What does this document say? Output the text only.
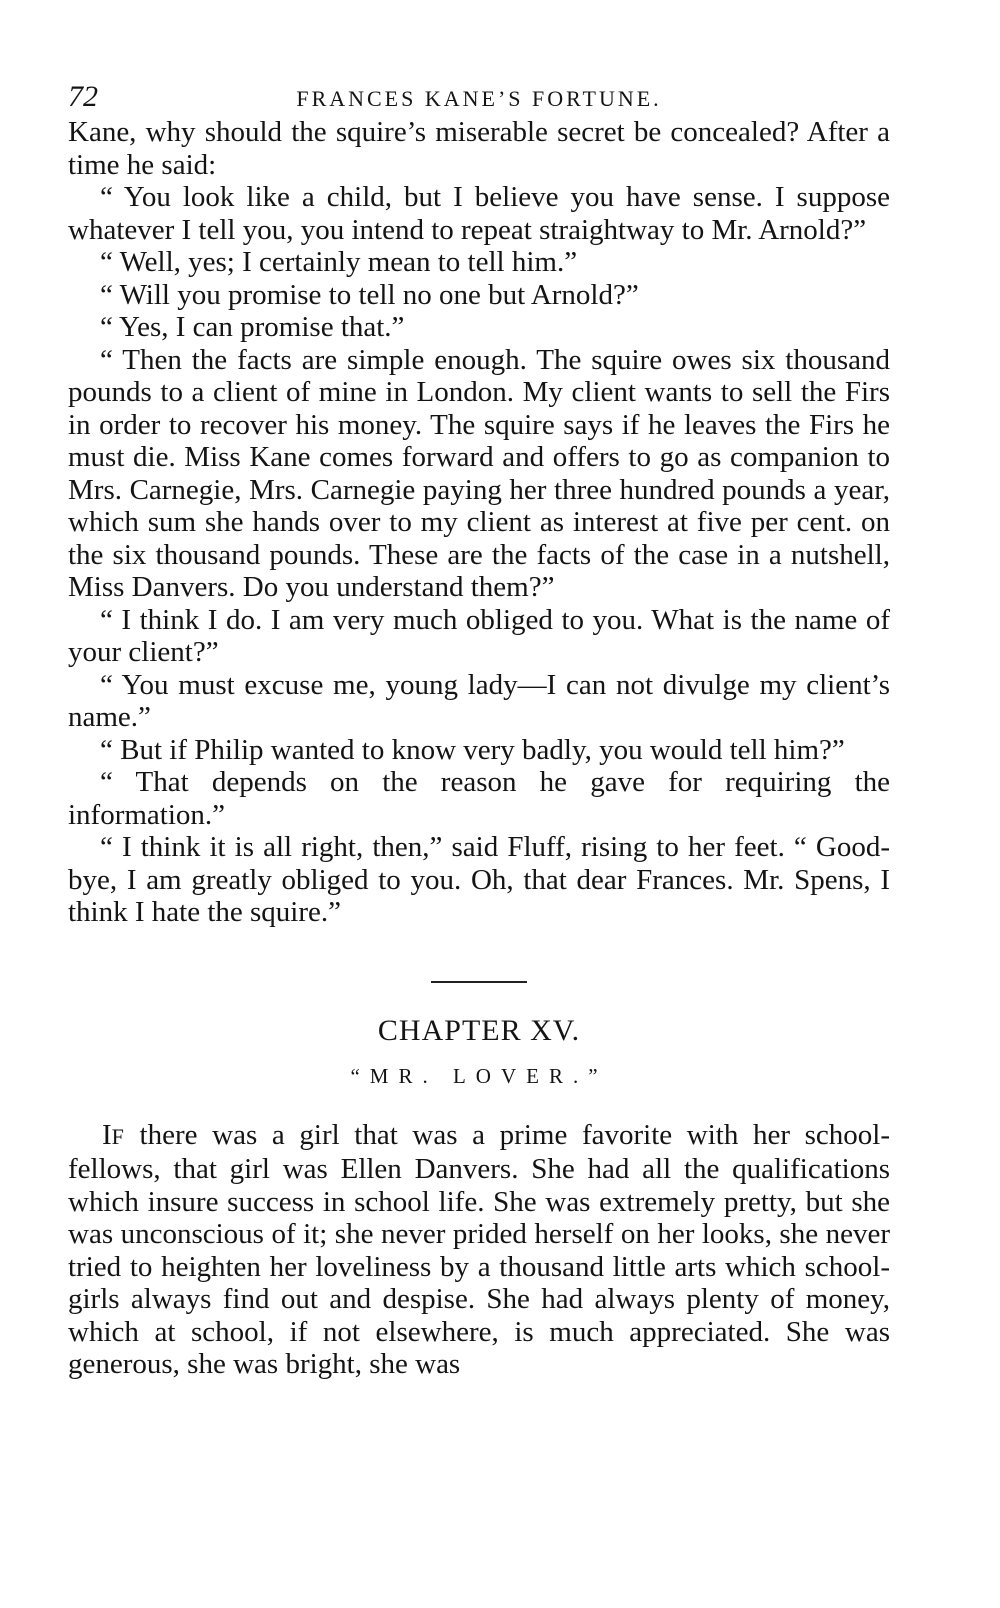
72	FRANCES KANE’S FORTUNE.

Kane, why should the squire’s miserable secret be concealed? After a time he said:

“ You look like a child, but I believe you have sense. I suppose whatever I tell you, you intend to repeat straightway to Mr. Arnold?”

“ Well, yes; I certainly mean to tell him.”

“ Will you promise to tell no one but Arnold?”

“ Yes, I can promise that.”

“ Then the facts are simple enough. The squire owes six thousand pounds to a client of mine in London. My client wants to sell the Firs in order to recover his money. The squire says if he leaves the Firs he must die. Miss Kane comes forward and offers to go as companion to Mrs. Carnegie, Mrs. Carnegie paying her three hundred pounds a year, which sum she hands over to my client as interest at five per cent. on the six thousand pounds. These are the facts of the case in a nutshell, Miss Danvers. Do you understand them?”

“ I think I do. I am very much obliged to you. What is the name of your client?”

“ You must excuse me, young lady—I can not divulge my client’s name.”

“ But if Philip wanted to know very badly, you would tell him?”

“ That depends on the reason he gave for requiring the information.”

“ I think it is all right, then,” said Fluff, rising to her feet. “ Good-bye, I am greatly obliged to you. Oh, that dear Frances. Mr. Spens, I think I hate the squire.”

CHAPTER XV.
“MR. LOVER.”

IF there was a girl that was a prime favorite with her school-fellows, that girl was Ellen Danvers. She had all the qualifications which insure success in school life. She was extremely pretty, but she was unconscious of it; she never prided herself on her looks, she never tried to heighten her loveliness by a thousand little arts which school-girls always find out and despise. She had always plenty of money, which at school, if not elsewhere, is much appreciated. She was generous, she was bright, she was
